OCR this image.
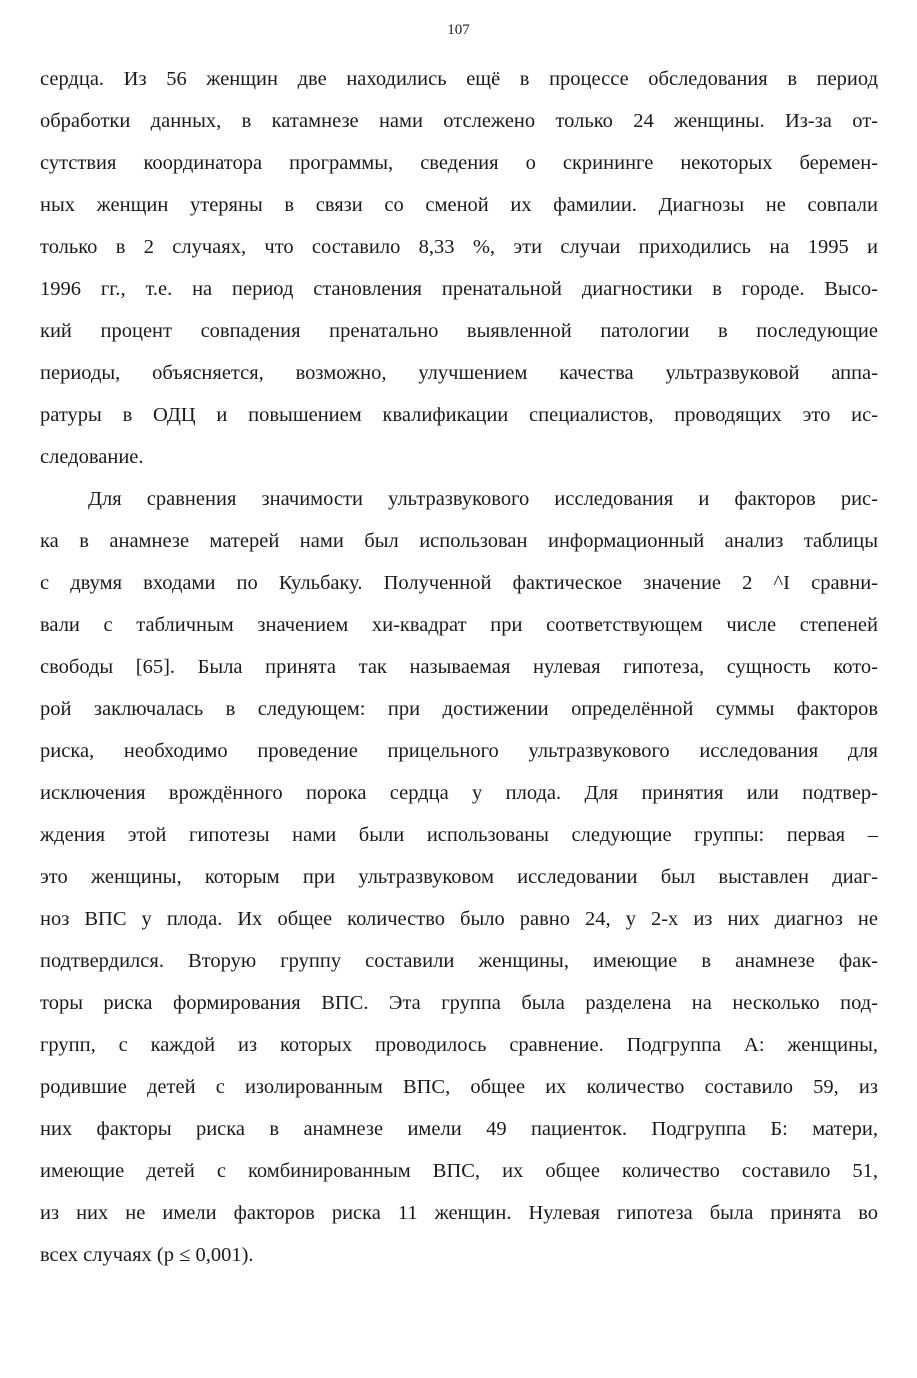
107

сердца. Из 56 женщин две находились ещё в процессе обследования в период
обработки данных, в катамнезе нами отслежено только 24 женщины. Из-за от-
сутствия координатора программы, сведения о скрининге некоторых беремен-
ных женщин утеряны в связи со сменой их фамилии. Диагнозы не совпали
только в 2 случаях, что составило 8,33 %, эти случаи приходились на 1995 и
1996 гг., т.е. на период становления пренатальной диагностики в городе. Высо-
кий процент совпадения пренатально выявленной патологии в последующие
периоды, объясняется, возможно, улучшением качества ультразвуковой аппа-
ратуры в ОДЦ и повышением квалификации специалистов, проводящих это ис-
следование.

Для сравнения значимости ультразвукового исследования и факторов рис-
ка в анамнезе матерей нами был использован информационный анализ таблицы
с двумя входами по Кульбаку. Полученной фактическое значение 2 ^I сравни-
вали с табличным значением хи-квадрат при соответствующем числе степеней
свободы [65]. Была принята так называемая нулевая гипотеза, сущность кото-
рой заключалась в следующем: при достижении определённой суммы факторов
риска, необходимо проведение прицельного ультразвукового исследования для
исключения врождённого порока сердца у плода. Для принятия или подтвер-
ждения этой гипотезы нами были использованы следующие группы: первая –
это женщины, которым при ультразвуковом исследовании был выставлен диаг-
ноз ВПС у плода. Их общее количество было равно 24, у 2-х из них диагноз не
подтвердился. Вторую группу составили женщины, имеющие в анамнезе фак-
торы риска формирования ВПС. Эта группа была разделена на несколько под-
групп, с каждой из которых проводилось сравнение. Подгруппа А: женщины,
родившие детей с изолированным ВПС, общее их количество составило 59, из
них факторы риска в анамнезе имели 49 пациенток. Подгруппа Б: матери,
имеющие детей с комбинированным ВПС, их общее количество составило 51,
из них не имели факторов риска 11 женщин. Нулевая гипотеза была принята во
всех случаях (р ≤ 0,001).
